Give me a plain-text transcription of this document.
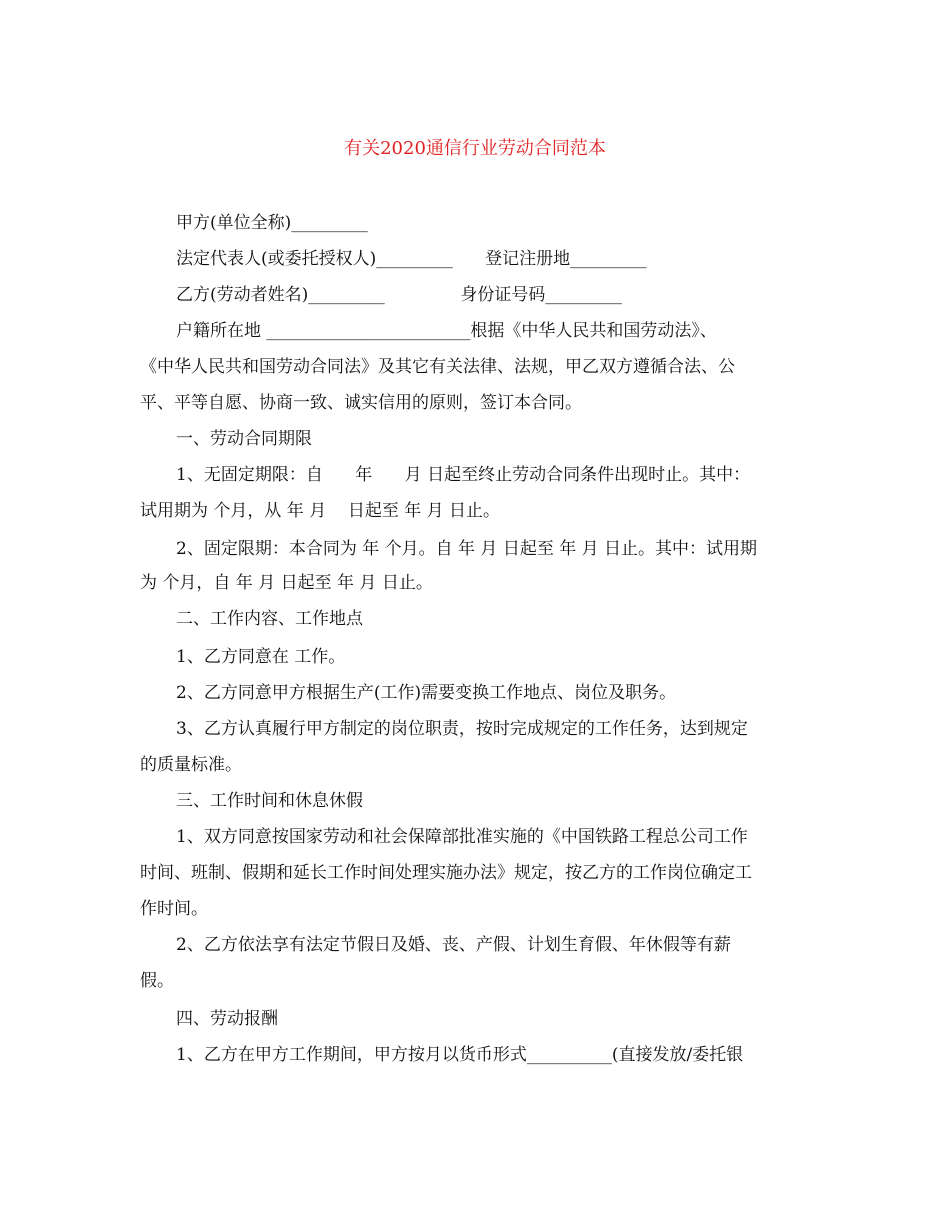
有关2020通信行业劳动合同范本
甲方(单位全称)_________
法定代表人(或委托授权人)_________      登记注册地_________
乙方(劳动者姓名)_________              身份证号码_________
户籍所在地 ________________________根据《中华人民共和国劳动法》、
《中华人民共和国劳动合同法》及其它有关法律、法规，甲乙双方遵循合法、公
平、平等自愿、协商一致、诚实信用的原则，签订本合同。
一、劳动合同期限
1、无固定期限：自      年      月 日起至终止劳动合同条件出现时止。其中：
试用期为 个月，从 年 月    日起至 年 月 日止。
2、固定限期：本合同为 年 个月。自 年 月 日起至 年 月 日止。其中：试用期
为 个月，自 年 月 日起至 年 月 日止。
二、工作内容、工作地点
1、乙方同意在 工作。
2、乙方同意甲方根据生产(工作)需要变换工作地点、岗位及职务。
3、乙方认真履行甲方制定的岗位职责，按时完成规定的工作任务，达到规定
的质量标准。
三、工作时间和休息休假
1、双方同意按国家劳动和社会保障部批准实施的《中国铁路工程总公司工作
时间、班制、假期和延长工作时间处理实施办法》规定，按乙方的工作岗位确定工
作时间。
2、乙方依法享有法定节假日及婚、丧、产假、计划生育假、年休假等有薪
假。
四、劳动报酬
1、乙方在甲方工作期间，甲方按月以货币形式__________(直接发放/委托银
